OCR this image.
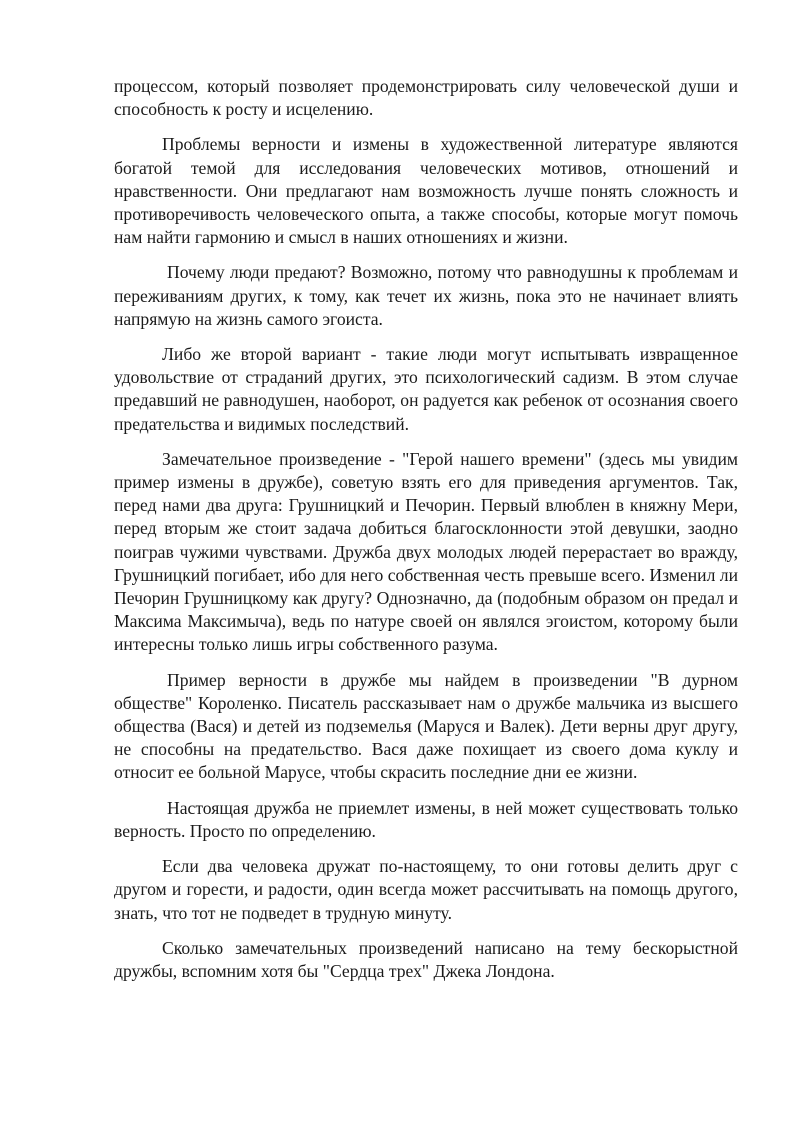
процессом, который позволяет продемонстрировать силу человеческой души и способность к росту и исцелению.

Проблемы верности и измены в художественной литературе являются богатой темой для исследования человеческих мотивов, отношений и нравственности. Они предлагают нам возможность лучше понять сложность и противоречивость человеческого опыта, а также способы, которые могут помочь нам найти гармонию и смысл в наших отношениях и жизни.

Почему люди предают? Возможно, потому что равнодушны к проблемам и переживаниям других, к тому, как течет их жизнь, пока это не начинает влиять напрямую на жизнь самого эгоиста.

Либо же второй вариант - такие люди могут испытывать извращенное удовольствие от страданий других, это психологический садизм. В этом случае предавший не равнодушен, наоборот, он радуется как ребенок от осознания своего предательства и видимых последствий.

Замечательное произведение - "Герой нашего времени" (здесь мы увидим пример измены в дружбе), советую взять его для приведения аргументов. Так, перед нами два друга: Грушницкий и Печорин. Первый влюблен в княжну Мери, перед вторым же стоит задача добиться благосклонности этой девушки, заодно поиграв чужими чувствами. Дружба двух молодых людей перерастает во вражду, Грушницкий погибает, ибо для него собственная честь превыше всего. Изменил ли Печорин Грушницкому как другу? Однозначно, да (подобным образом он предал и Максима Максимыча), ведь по натуре своей он являлся эгоистом, которому были интересны только лишь игры собственного разума.

Пример верности в дружбе мы найдем в произведении "В дурном обществе" Короленко. Писатель рассказывает нам о дружбе мальчика из высшего общества (Вася) и детей из подземелья (Маруся и Валек). Дети верны друг другу, не способны на предательство. Вася даже похищает из своего дома куклу и относит ее больной Марусе, чтобы скрасить последние дни ее жизни.

Настоящая дружба не приемлет измены, в ней может существовать только верность. Просто по определению.

Если два человека дружат по-настоящему, то они готовы делить друг с другом и горести, и радости, один всегда может рассчитывать на помощь другого, знать, что тот не подведет в трудную минуту.

Сколько замечательных произведений написано на тему бескорыстной дружбы, вспомним хотя бы "Сердца трех" Джека Лондона.
